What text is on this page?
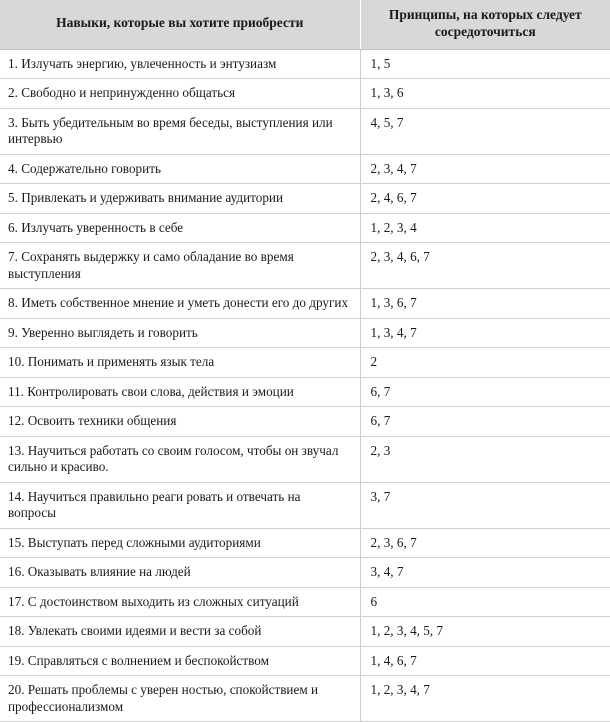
Навыки, которые вы хотите приобрести	Принципы, на которых следует сосредоточиться
1. Излучать энергию, увлеченность и энтузиазм	1, 5
2. Свободно и непринужденно общаться	1, 3, 6
3. Быть убедительным во время беседы, выступления или интервью	4, 5, 7
4. Содержательно говорить	2, 3, 4, 7
5. Привлекать и удерживать внимание аудитории	2, 4, 6, 7
6. Излучать уверенность в себе	1, 2, 3, 4
7. Сохранять выдержку и само обладание во время выступления	2, 3, 4, 6, 7
8. Иметь собственное мнение и уметь донести его до других	1, 3, 6, 7
9. Уверенно выглядеть и говорить	1, 3, 4, 7
10. Понимать и применять язык тела	2
11. Контролировать свои слова, действия и эмоции	6, 7
12. Освоить техники общения	6, 7
13. Научиться работать со своим голосом, чтобы он звучал сильно и красиво.	2, 3
14. Научиться правильно реаги ровать и отвечать на вопросы	3, 7
15. Выступать перед сложными аудиториями	2, 3, 6, 7
16. Оказывать влияние на людей	3, 4, 7
17. С достоинством выходить из сложных ситуаций	6
18. Увлекать своими идеями и вести за собой	1, 2, 3, 4, 5, 7
19. Справляться с волнением и беспокойством	1, 4, 6, 7
20. Решать проблемы с уверен ностью, спокойствием и профессионализмом	1, 2, 3, 4, 7
